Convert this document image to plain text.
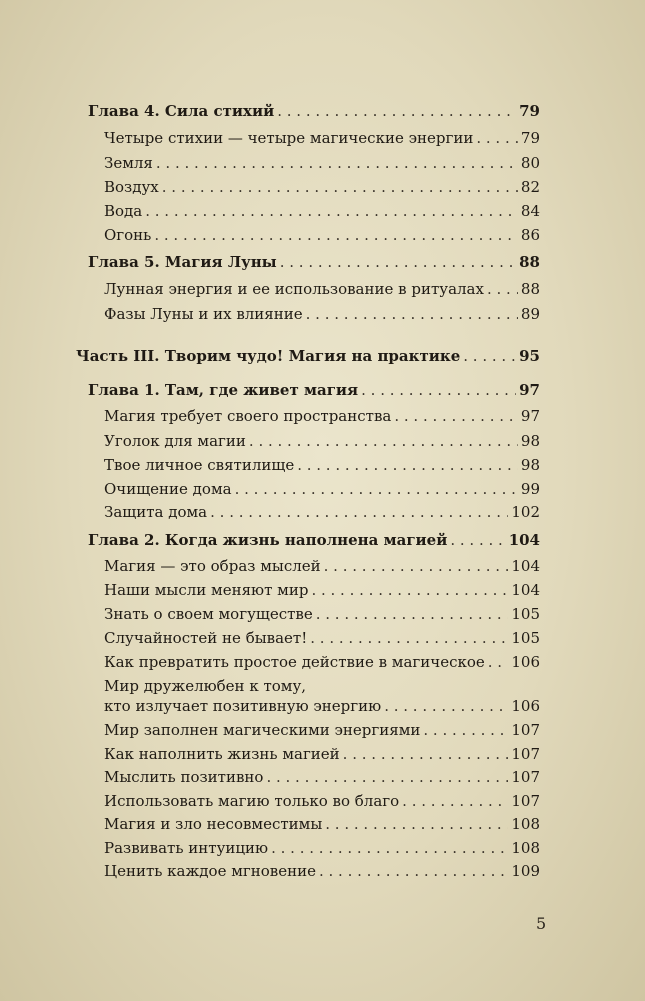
Глава 4. Сила стихий . . .	79
Четыре стихии — четыре магические энергии . . .	79
Земля . . .	80
Воздух . . .	82
Вода . . .	84
Огонь . . .	86
Глава 5. Магия Луны . . .	88
Лунная энергия и ее использование в ритуалах . . . 88
Фазы Луны и их влияние . . .	89
Часть III. Творим чудо! Магия на практике . . .	95
Глава 1. Там, где живет магия . . .	97
Магия требует своего пространства . . .	97
Уголок для магии . . .	98
Твое личное святилище . . .	98
Очищение дома . . .	99
Защита дома . . .	102
Глава 2. Когда жизнь наполнена магией . . .	104
Магия — это образ мыслей . . .	104
Наши мысли меняют мир . . .	104
Знать о своем могуществе . . .	105
Случайностей не бывает! . . .	105
Как превратить простое действие в магическое . . . 106
Мир дружелюбен к тому,
кто излучает позитивную энергию . . .	106
Мир заполнен магическими энергиями . . .	107
Как наполнить жизнь магией . . .	107
Мыслить позитивно . . .	107
Использовать магию только во благо . . .	107
Магия и зло несовместимы . . .	108
Развивать интуицию . . .	108
Ценить каждое мгновение . . .	109
5
